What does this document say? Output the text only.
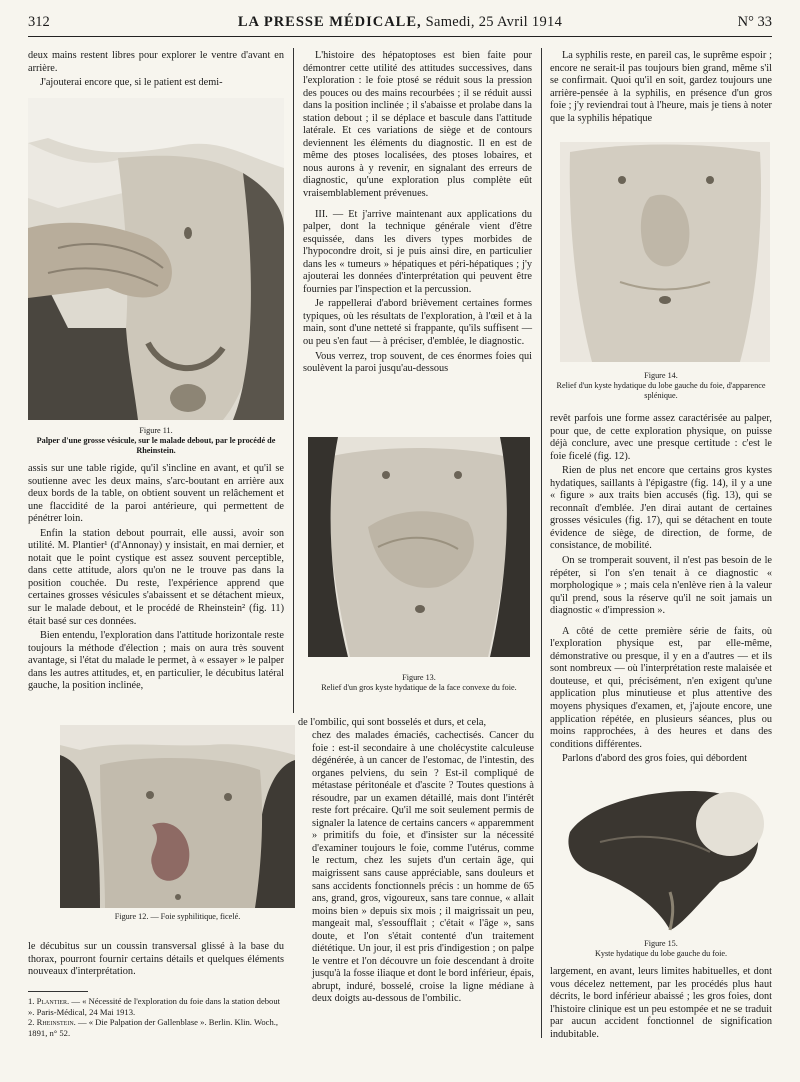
312	LA PRESSE MÉDICALE, Samedi, 25 Avril 1914	N° 33

deux mains restent libres pour explorer le ventre d'avant en arrière.

J'ajouterai encore que, si le patient est demi-

Figure 11.
Palper d'une grosse vésicule, sur le malade debout, par le procédé de Rheinstein.

assis sur une table rigide, qu'il s'incline en avant, et qu'il se soutienne avec les deux mains, s'arc-boutant en arrière aux deux bords de la table, on obtient souvent un relâchement et une flaccidité de la paroi antérieure, qui permettent de pénétrer loin.

Enfin la station debout pourrait, elle aussi, avoir son utilité. M. Plantier¹ (d'Annonay) y insistait, en mai dernier, et notait que le point cystique est assez souvent perceptible, dans cette attitude, alors qu'on ne le trouve pas dans la position couchée. Du reste, l'expérience apprend que certaines grosses vésicules s'abaissent et se détachent mieux, sur le malade debout, et le procédé de Rheinstein² (fig. 11) était basé sur ces données.

Bien entendu, l'exploration dans l'attitude horizontale reste toujours la méthode d'élection ; mais on aura très souvent avantage, si l'état du malade le permet, à « essayer » le palper dans les autres attitudes, et, en particulier, le décubitus latéral gauche, la position inclinée,

Figure 12. — Foie syphilitique, ficelé.

le décubitus sur un coussin transversal glissé à la base du thorax, pourront fournir certains détails et quelques éléments nouveaux d'interprétation.

1. Plantier. — « Nécessité de l'exploration du foie dans la station debout ». Paris-Médical, 24 Mai 1913.
2. Rheinstein. — « Die Palpation der Gallenblase ». Berlin. Klin. Woch., 1891, n° 52.

L'histoire des hépatoptoses est bien faite pour démontrer cette utilité des attitudes successives, dans l'exploration : le foie ptosé se réduit sous la pression des pouces ou des mains recourbées ; il se réduit aussi dans la position inclinée ; il s'abaisse et prolabe dans la station debout ; il se déplace et bascule dans l'attitude latérale. Et ces variations de siège et de contours deviennent les éléments du diagnostic. Il en est de même des ptoses localisées, des ptoses lobaires, et nous aurons à y revenir, en signalant des erreurs de diagnostic, qu'une exploration plus complète eût vraisemblablement prévenues.

III. — Et j'arrive maintenant aux applications du palper, dont la technique générale vient d'être esquissée, dans les divers types morbides de l'hypocondre droit, si je puis ainsi dire, en particulier dans les « tumeurs » hépatiques et péri-hépatiques ; j'y ajouterai les données d'interprétation qui peuvent être fournies par l'inspection et la percussion.

Je rappellerai d'abord brièvement certaines formes typiques, où les résultats de l'exploration, à l'œil et à la main, sont d'une netteté si frappante, qu'ils suffisent — ou peu s'en faut — à préciser, d'emblée, le diagnostic.

Vous verrez, trop souvent, de ces énormes foies qui soulèvent la paroi jusqu'au-dessous

Figure 13.
Relief d'un gros kyste hydatique de la face convexe du foie.

de l'ombilic, qui sont bosselés et durs, et cela,

chez des malades émaciés, cachectisés. Cancer du foie : est-il secondaire à une cholécystite calculeuse dégénérée, à un cancer de l'estomac, de l'intestin, des organes pelviens, du sein ? Est-il compliqué de métastase péritonéale et d'ascite ? Toutes questions à résoudre, par un examen détaillé, mais dont l'intérêt reste fort précaire. Qu'il me soit seulement permis de signaler la latence de certains cancers « apparemment » primitifs du foie, et d'insister sur la nécessité d'examiner toujours le foie, comme l'utérus, comme le rectum, chez les sujets d'un certain âge, qui maigrissent sans cause appréciable, sans douleurs et sans accidents fonctionnels précis : un homme de 65 ans, grand, gros, vigoureux, sans tare connue, « allait moins bien » depuis six mois ; il maigrissait un peu, mangeait mal, s'essoufflait ; c'était « l'âge », sans doute, et l'on s'était contenté d'un traitement diététique. Un jour, il est pris d'indigestion ; on palpe le ventre et l'on découvre un foie descendant à droite jusqu'à la fosse iliaque et dont le bord inférieur, épais, abrupt, induré, bosselé, croise la ligne médiane à deux doigts au-dessous de l'ombilic.

La syphilis reste, en pareil cas, le suprême espoir ; encore ne serait-il pas toujours bien grand, même s'il se confirmait. Quoi qu'il en soit, gardez toujours une arrière-pensée à la syphilis, en présence d'un gros foie ; j'y reviendrai tout à l'heure, mais je tiens à noter que la syphilis hépatique

Figure 14.
Relief d'un kyste hydatique du lobe gauche du foie, d'apparence splénique.

revêt parfois une forme assez caractérisée au palper, pour que, de cette exploration physique, on puisse déjà conclure, avec une presque certitude : c'est le foie ficelé (fig. 12).

Rien de plus net encore que certains gros kystes hydatiques, saillants à l'épigastre (fig. 14), il y a une « figure » aux traits bien accusés (fig. 13), qui se reconnaît d'emblée. J'en dirai autant de certaines grosses vésicules (fig. 17), qui se détachent en toute évidence de siège, de direction, de forme, de consistance, de mobilité.

On se tromperait souvent, il n'est pas besoin de le répéter, si l'on s'en tenait à ce diagnostic « morphologique » ; mais cela n'enlève rien à la valeur qu'il prend, sous la réserve qu'il ne soit jamais un diagnostic « d'impression ».

A côté de cette première série de faits, où l'exploration physique est, par elle-même, démonstrative ou presque, il y en a d'autres — et ils sont nombreux — où l'interprétation reste malaisée et douteuse, et qui, précisément, n'en exigent qu'une application plus minutieuse et plus attentive des moyens physiques d'examen, et, j'ajoute encore, une application répétée, en plusieurs séances, plus ou moins rapprochées, à des heures et dans des conditions différentes.

Parlons d'abord des gros foies, qui débordent

Figure 15.
Kyste hydatique du lobe gauche du foie.

largement, en avant, leurs limites habituelles, et dont vous décelez nettement, par les procédés plus haut décrits, le bord inférieur abaissé ; les gros foies, dont l'histoire clinique est un peu estompée et ne se traduit par aucun accident fonctionnel de signification indubitable.
